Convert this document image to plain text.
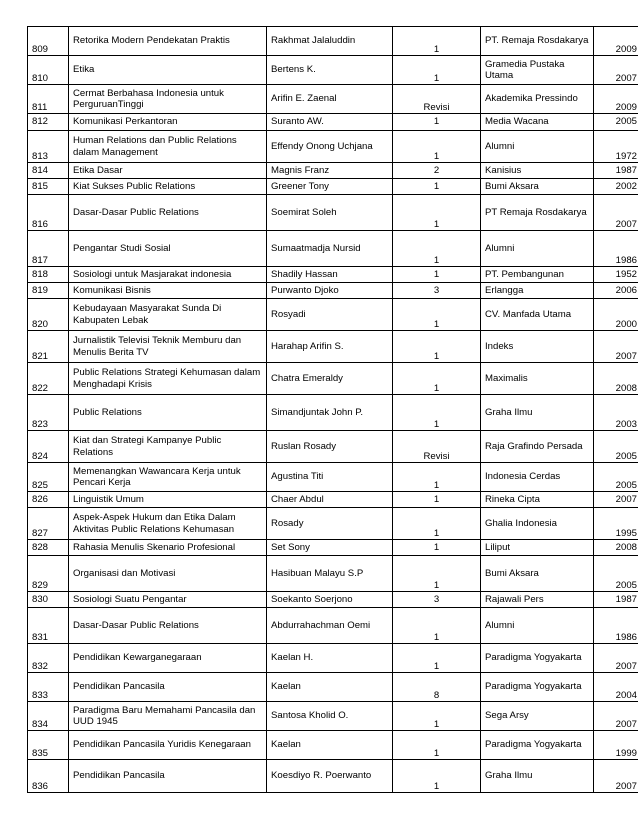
809	Retorika Modern Pendekatan Praktis	Rakhmat Jalaluddin	1	PT. Remaja Rosdakarya	2009
810	Etika	Bertens K.	1	Gramedia Pustaka Utama	2007
811	Cermat Berbahasa Indonesia untuk PerguruanTinggi	Arifin E. Zaenal	Revisi	Akademika Pressindo	2009
812	Komunikasi Perkantoran	Suranto AW.	1	Media Wacana	2005
813	Human Relations dan Public Relations dalam Management	Effendy Onong Uchjana	1	Alumni	1972
814	Etika Dasar	Magnis Franz	2	Kanisius	1987
815	Kiat Sukses Public Relations	Greener Tony	1	Bumi Aksara	2002
816	Dasar-Dasar Public Relations	Soemirat Soleh	1	PT Remaja Rosdakarya	2007
817	Pengantar Studi Sosial	Sumaatmadja Nursid	1	Alumni	1986
818	Sosiologi untuk Masjarakat indonesia	Shadily Hassan	1	PT. Pembangunan	1952
819	Komunikasi Bisnis	Purwanto Djoko	3	Erlangga	2006
820	Kebudayaan Masyarakat Sunda Di Kabupaten Lebak	Rosyadi	1	CV. Manfada Utama	2000
821	Jurnalistik Televisi Teknik Memburu dan Menulis Berita TV	Harahap Arifin S.	1	Indeks	2007
822	Public Relations Strategi Kehumasan dalam Menghadapi Krisis	Chatra Emeraldy	1	Maximalis	2008
823	Public Relations	Simandjuntak John P.	1	Graha Ilmu	2003
824	Kiat dan Strategi Kampanye Public Relations	Ruslan Rosady	Revisi	Raja Grafindo Persada	2005
825	Memenangkan Wawancara Kerja untuk Pencari Kerja	Agustina Titi	1	Indonesia Cerdas	2005
826	Linguistik Umum	Chaer Abdul	1	Rineka Cipta	2007
827	Aspek-Aspek Hukum dan Etika Dalam Aktivitas Public Relations Kehumasan	Rosady	1	Ghalia Indonesia	1995
828	Rahasia Menulis Skenario Profesional	Set Sony	1	Liliput	2008
829	Organisasi dan Motivasi	Hasibuan Malayu S.P	1	Bumi Aksara	2005
830	Sosiologi Suatu Pengantar	Soekanto Soerjono	3	Rajawali Pers	1987
831	Dasar-Dasar Public Relations	Abdurrahachman Oemi	1	Alumni	1986
832	Pendidikan Kewarganegaraan	Kaelan H.	1	Paradigma Yogyakarta	2007
833	Pendidikan Pancasila	Kaelan	8	Paradigma Yogyakarta	2004
834	Paradigma Baru Memahami Pancasila dan UUD 1945	Santosa Kholid O.	1	Sega Arsy	2007
835	Pendidikan Pancasila Yuridis Kenegaraan	Kaelan	1	Paradigma Yogyakarta	1999
836	Pendidikan Pancasila	Koesdiyo R. Poerwanto	1	Graha Ilmu	2007
